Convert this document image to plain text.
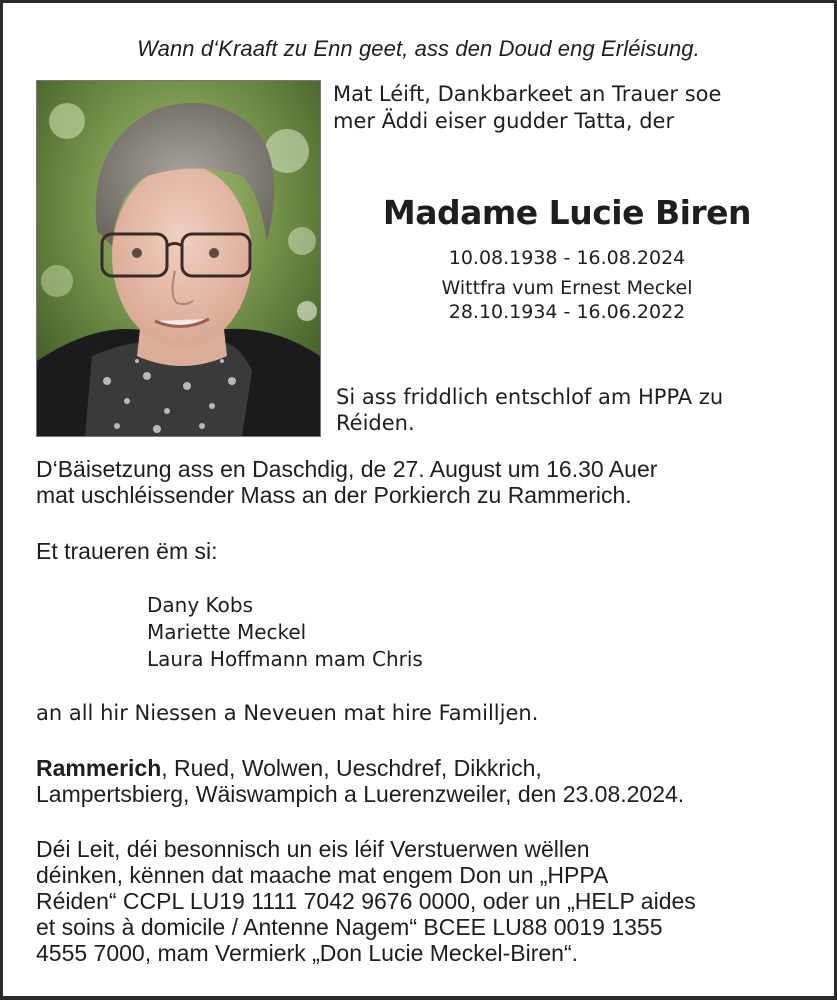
Wann d‘Kraaft zu Enn geet, ass den Doud eng Erléisung.
Mat Léift, Dankbarkeet an Trauer soe
mer Äddi eiser gudder Tatta, der
Madame Lucie Biren
10.08.1938 - 16.08.2024
Wittfra vum Ernest Meckel
28.10.1934 - 16.06.2022
Si ass friddlich entschlof am HPPA zu
Réiden.
D‘Bäisetzung ass en Daschdig, de 27. August um 16.30 Auer
mat uschléissender Mass an der Porkierch zu Rammerich.
Et traueren ëm si:
Dany Kobs
Mariette Meckel
Laura Hoffmann mam Chris
an all hir Niessen a Neveuen mat hire Familljen.
Rammerich, Rued, Wolwen, Ueschdref, Dikkrich,
Lampertsbierg, Wäiswampich a Luerenzweiler, den 23.08.2024.
Déi Leit, déi besonnisch un eis léif Verstuerwen wëllen
déinken, kënnen dat maache mat engem Don un „HPPA
Réiden“ CCPL LU19 1111 7042 9676 0000, oder un „HELP aides
et soins à domicile / Antenne Nagem“ BCEE LU88 0019 1355
4555 7000, mam Vermierk „Don Lucie Meckel-Biren“.
